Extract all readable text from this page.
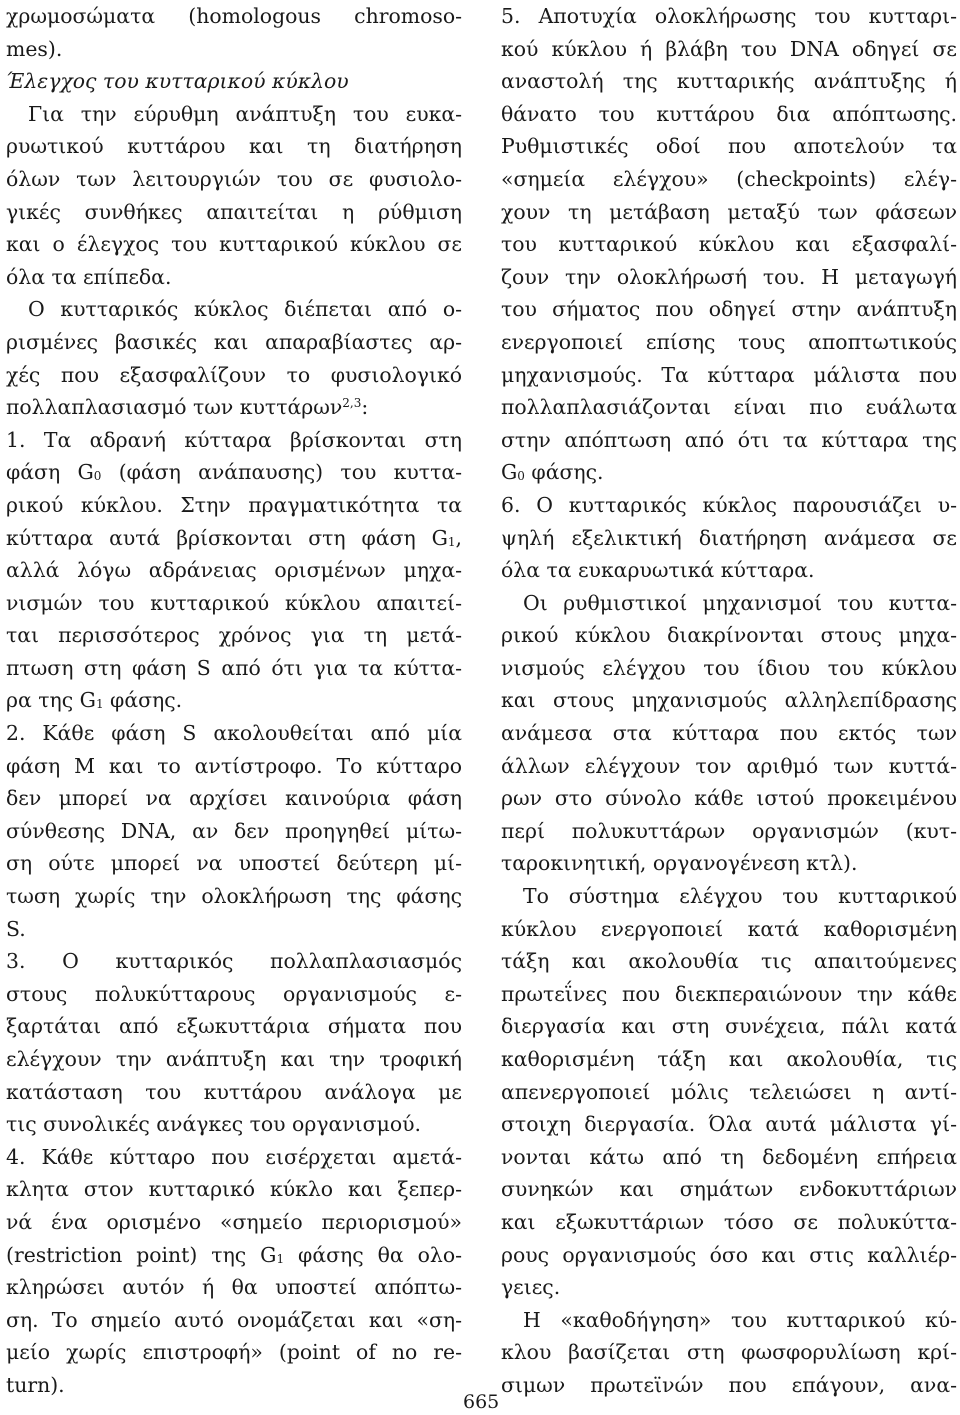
χρωμοσώματα (homologous chromoso-
mes).
Έλεγχος του κυτταρικού κύκλου
Για την εύρυθμη ανάπτυξη του ευκα-
ρυωτικού κυττάρου και τη διατήρηση
όλων των λειτουργιών του σε φυσιολο-
γικές συνθήκες απαιτείται η ρύθμιση
και ο έλεγχος του κυτταρικού κύκλου σε
όλα τα επίπεδα.
Ο κυτταρικός κύκλος διέπεται από ο-
ρισμένες βασικές και απαραβίαστες αρ-
χές που εξασφαλίζουν το φυσιολογικό
πολλαπλασιασμό των κυττάρων$^{2,3}$:
1. Τα αδρανή κύτταρα βρίσκονται στη
φάση G0 (φάση ανάπαυσης) του κυττα-
ρικού κύκλου. Στην πραγματικότητα τα
κύτταρα αυτά βρίσκονται στη φάση G1,
αλλά λόγω αδράνειας ορισμένων μηχα-
νισμών του κυτταρικού κύκλου απαιτεί-
ται περισσότερος χρόνος για τη μετά-
πτωση στη φάση S από ότι για τα κύττα-
ρα της G1 φάσης.
2. Κάθε φάση S ακολουθείται από μία
φάση Μ και το αντίστροφο. Το κύτταρο
δεν μπορεί να αρχίσει καινούρια φάση
σύνθεσης DNA, αν δεν προηγηθεί μίτω-
ση ούτε μπορεί να υποστεί δεύτερη μί-
τωση χωρίς την ολοκλήρωση της φάσης
S.
3. Ο κυτταρικός πολλαπλασιασμός
στους πολυκύτταρους οργανισμούς ε-
ξαρτάται από εξωκυττάρια σήματα που
ελέγχουν την ανάπτυξη και την τροφική
κατάσταση του κυττάρου ανάλογα με
τις συνολικές ανάγκες του οργανισμού.
4. Κάθε κύτταρο που εισέρχεται αμετά-
κλητα στον κυτταρικό κύκλο και ξεπερ-
νά ένα ορισμένο «σημείο περιορισμού»
(restriction point) της G1 φάσης θα ολο-
κληρώσει αυτόν ή θα υποστεί απόπτω-
ση. Το σημείο αυτό ονομάζεται και «ση-
μείο χωρίς επιστροφή» (point of no re-
turn).
5. Αποτυχία ολοκλήρωσης του κυτταρι-
κού κύκλου ή βλάβη του DNA οδηγεί σε
αναστολή της κυτταρικής ανάπτυξης ή
θάνατο του κυττάρου δια απόπτωσης.
Ρυθμιστικές οδοί που αποτελούν τα
«σημεία ελέγχου» (checkpoints) ελέγ-
χουν τη μετάβαση μεταξύ των φάσεων
του κυτταρικού κύκλου και εξασφαλί-
ζουν την ολοκλήρωσή του. Η μεταγωγή
του σήματος που οδηγεί στην ανάπτυξη
ενεργοποιεί επίσης τους αποπτωτικούς
μηχανισμούς. Τα κύτταρα μάλιστα που
πολλαπλασιάζονται είναι πιο ευάλωτα
στην απόπτωση από ότι τα κύτταρα της
G0 φάσης.
6. Ο κυτταρικός κύκλος παρουσιάζει υ-
ψηλή εξελικτική διατήρηση ανάμεσα σε
όλα τα ευκαρυωτικά κύτταρα.
Οι ρυθμιστικοί μηχανισμοί του κυττα-
ρικού κύκλου διακρίνονται στους μηχα-
νισμούς ελέγχου του ίδιου του κύκλου
και στους μηχανισμούς αλληλεπίδρασης
ανάμεσα στα κύτταρα που εκτός των
άλλων ελέγχουν τον αριθμό των κυττά-
ρων στο σύνολο κάθε ιστού προκειμένου
περί πολυκυττάρων οργανισμών (κυτ-
ταροκινητική, οργανογένεση κτλ).
Το σύστημα ελέγχου του κυτταρικού
κύκλου ενεργοποιεί κατά καθορισμένη
τάξη και ακολουθία τις απαιτούμενες
πρωτεΐνες που διεκπεραιώνουν την κάθε
διεργασία και στη συνέχεια, πάλι κατά
καθορισμένη τάξη και ακολουθία, τις
απενεργοποιεί μόλις τελειώσει η αντί-
στοιχη διεργασία. Όλα αυτά μάλιστα γί-
νονται κάτω από τη δεδομένη επήρεια
συνηκών και σημάτων ενδοκυττάριων
και εξωκυττάριων τόσο σε πολυκύττα-
ρους οργανισμούς όσο και στις καλλιέρ-
γειες.
Η «καθοδήγηση» του κυτταρικού κύ-
κλου βασίζεται στη φωσφορυλίωση κρί-
σιμων πρωτεϊνών που επάγουν, ανα-
665
